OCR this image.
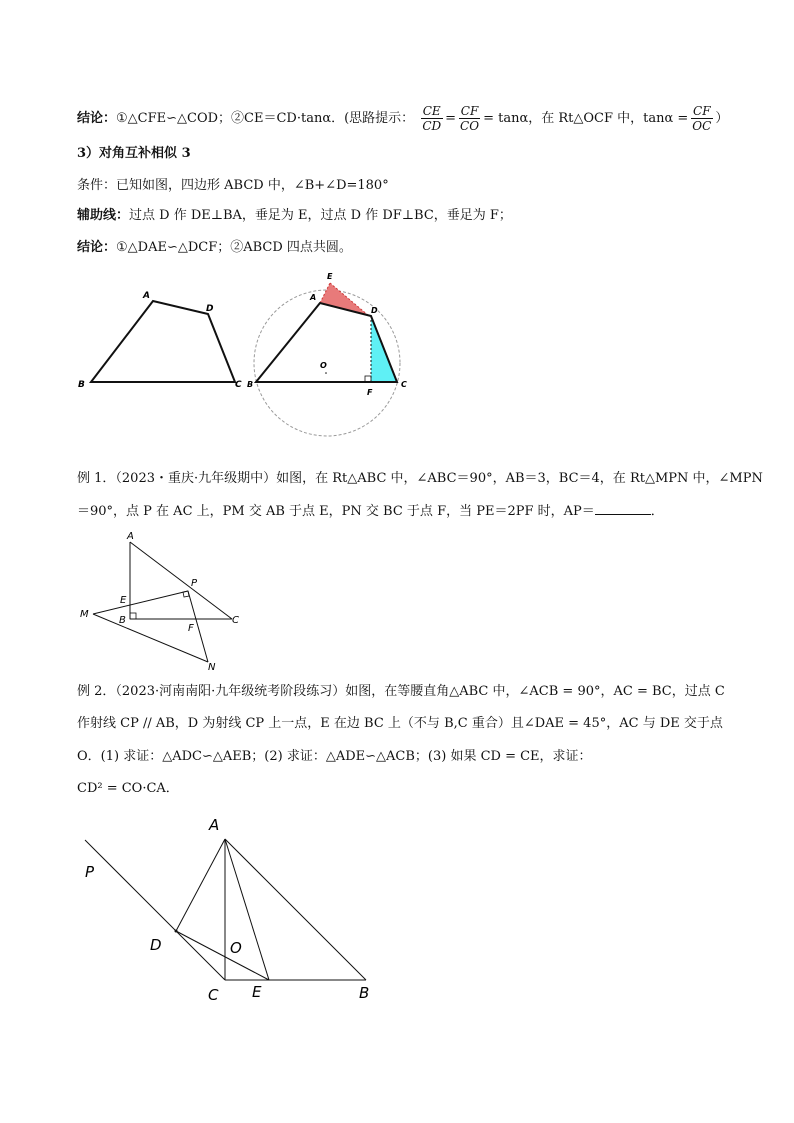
结论：①△CFE∽△COD；②CE＝CD·tanα．(思路提示： $\frac{CE}{CD} = \frac{CF}{CO} = \tan\alpha$，在 Rt△OCF 中，$\tan\alpha = \frac{CF}{OC}$ ）
3）对角互补相似 3
条件：已知如图，四边形 ABCD 中，∠B+∠D=180°
辅助线：过点 D 作 DE⊥BA，垂足为 E，过点 D 作 DF⊥BC，垂足为 F；
结论：①△DAE∽△DCF；②ABCD 四点共圆。
A
D
B	C
E
A
D
B	C
F
O
例 1．（2023・重庆·九年级期中）如图，在 Rt△ABC 中，∠ABC＝90°，AB＝3，BC＝4，在 Rt△MPN 中，∠MPN
＝90°，点 P 在 AC 上，PM 交 AB 于点 E，PN 交 BC 于点 F，当 PE＝2PF 时，AP＝	．
A
P
E
M
B
F
C
N
例 2．（2023·河南南阳·九年级统考阶段练习）如图，在等腰直角△ABC 中，∠ACB = 90°，AC = BC，过点 C
作射线 CP // AB，D 为射线 CP 上一点，E 在边 BC 上（不与 B,C 重合）且∠DAE = 45°，AC 与 DE 交于点
O．(1) 求证：△ADC∽△AEB；(2) 求证：△ADE∽△ACB；(3) 如果 CD = CE，求证：
CD² = CO·CA．
A
P
D	O
C E	B
